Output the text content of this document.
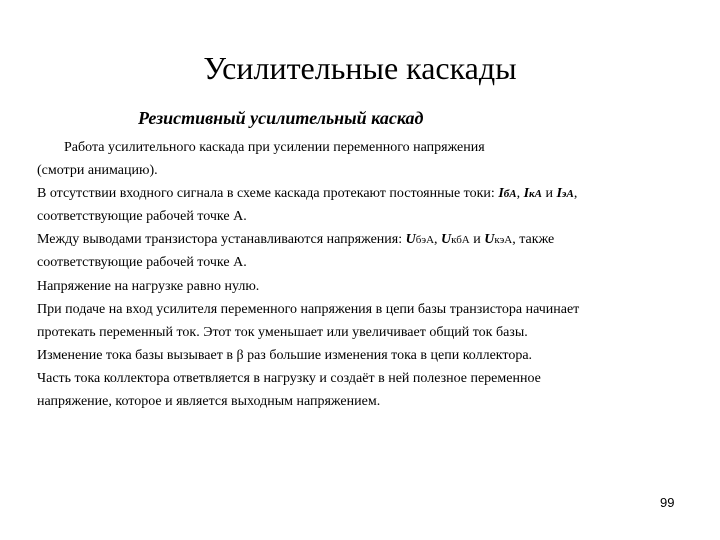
Усилительные каскады
Резистивный усилительный каскад
Работа усилительного каскада при усилении переменного напряжения
(смотри анимацию).
В отсутствии входного сигнала в схеме каскада протекают постоянные токи: IбA, IкA и IэA,
соответствующие рабочей точке А.
Между выводами транзистора устанавливаются напряжения: UбэA, UкбA и UкэA, также
соответствующие рабочей точке А.
Напряжение на нагрузке равно нулю.
При подаче на вход усилителя переменного напряжения в цепи базы транзистора начинает
протекать переменный ток. Этот ток уменьшает или увеличивает общий ток базы.
Изменение тока базы вызывает в β раз большие изменения тока в цепи коллектора.
Часть тока коллектора ответвляется в нагрузку и создаёт в ней полезное переменное
напряжение, которое и является выходным напряжением.
99
